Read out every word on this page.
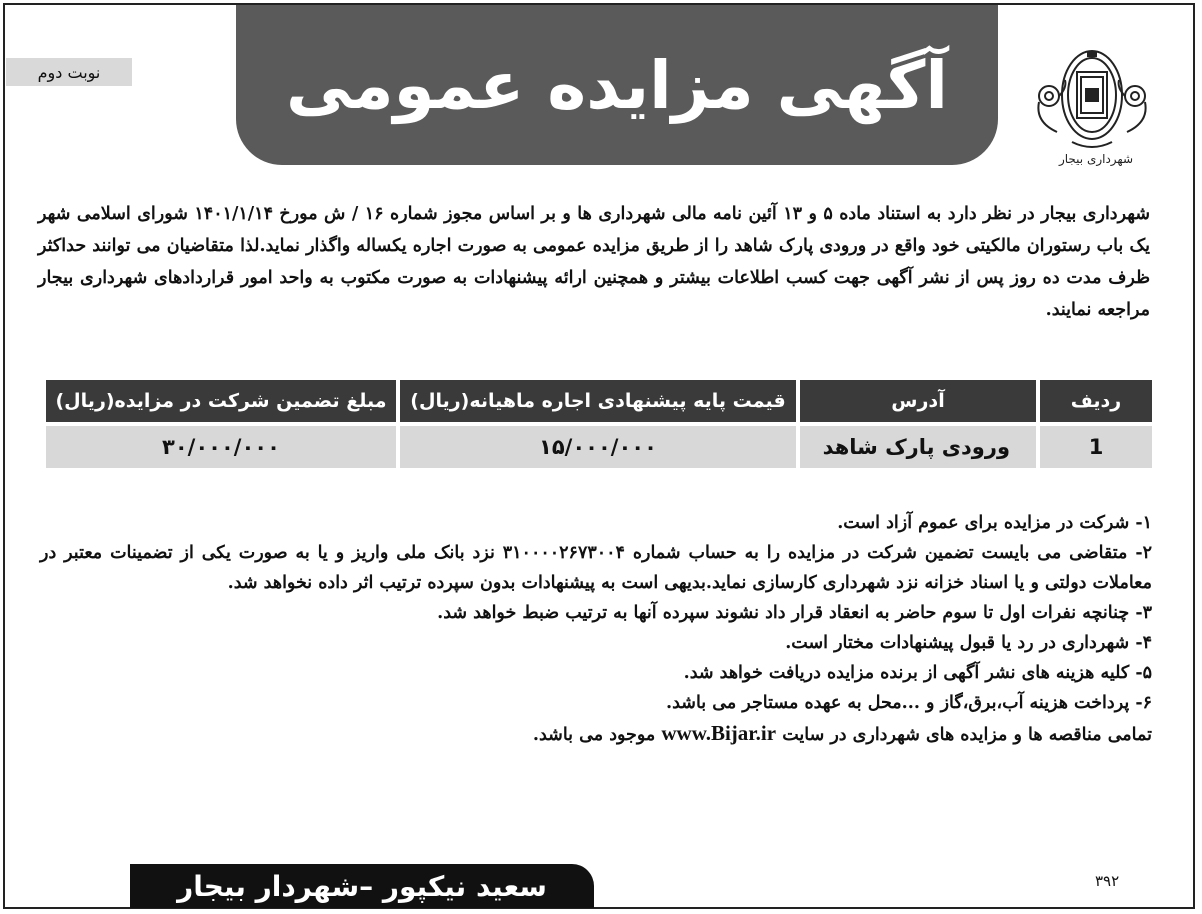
نوبت دوم	آگهی مزایده عمومی
شهرداری بیجار
شهرداری بیجار در نظر دارد به استناد ماده ۵ و ۱۳ آئین نامه مالی شهرداری ها و بر اساس مجوز شماره ۱۶ / ش مورخ ۱۴۰۱/۱/۱۴ شورای اسلامی شهر یک باب رستوران مالکیتی خود واقع در ورودی پارک شاهد را از طریق مزایده عمومی به صورت اجاره یکساله واگذار نماید.لذا متقاضیان می توانند حداکثر ظرف مدت ده روز پس از نشر آگهی جهت کسب اطلاعات بیشتر و همچنین ارائه پیشنهادات به صورت مکتوب به واحد امور قراردادهای شهرداری بیجار مراجعه نمایند.
ردیف	آدرس	قیمت پایه پیشنهادی اجاره ماهیانه(ریال)	مبلغ تضمین شرکت در مزایده(ریال)
1	ورودی پارک شاهد	۱۵/۰۰۰/۰۰۰	۳۰/۰۰۰/۰۰۰

۱- شرکت در مزایده برای عموم آزاد است.

۲- متقاضی می بایست تضمین شرکت در مزایده را به حساب شماره ۳۱۰۰۰۰۲۶۷۳۰۰۴ نزد بانک ملی واریز و یا به صورت یکی از تضمینات معتبر در معاملات دولتی و یا اسناد خزانه نزد شهرداری کارسازی نماید.بدیهی است به پیشنهادات بدون سپرده ترتیب اثر داده نخواهد شد.

۳- چنانچه نفرات اول تا سوم حاضر به انعقاد قرار داد نشوند سپرده آنها به ترتیب ضبط خواهد شد.

۴- شهرداری در رد یا قبول پیشنهادات مختار است.

۵- کلیه هزینه های نشر آگهی از برنده مزایده دریافت خواهد شد.

۶- پرداخت هزینه آب،برق،گاز و ...محل به عهده مستاجر می باشد.

تمامی مناقصه ها و مزایده های شهرداری در سایت www.Bijar.ir موجود می باشد.

۳۹۲
سعید نیکپور –شهردار بیجار
